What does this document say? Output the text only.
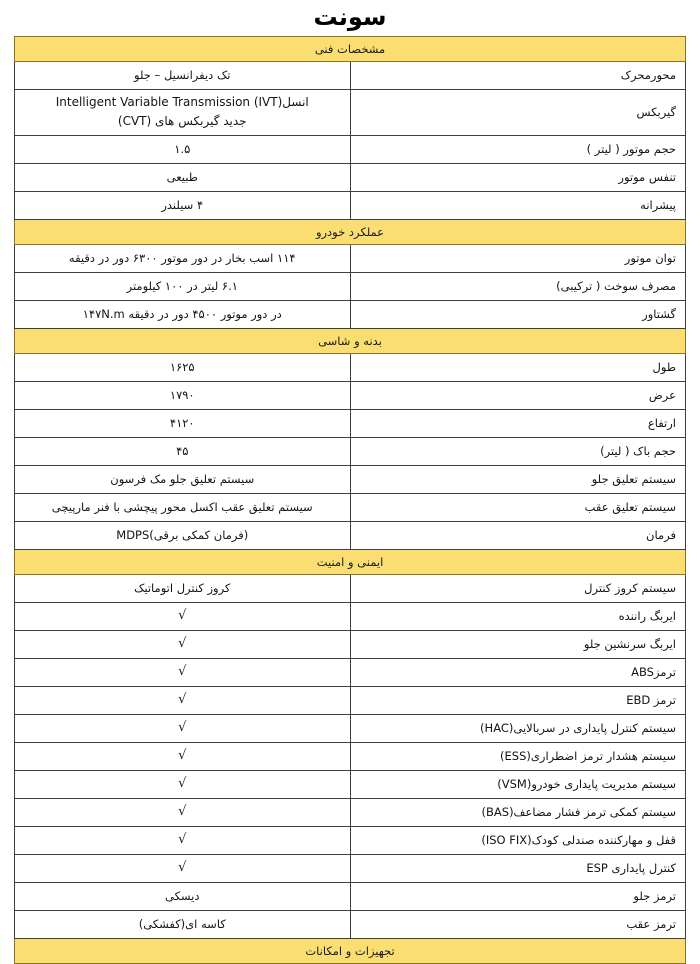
سونت
مشخصات فنی	
محورمحرک	تک دیفرانسیل – جلو

گیربکس	انسلIntelligent Variable Transmission (IVT)
جدید گیربکس های (CVT)

حجم موتور ( لیتر )	۱.۵

تنفس موتور	طبیعی

پیشرانه	۴ سیلندر

عملکرد خودرو	
توان موتور	۱۱۴ اسب بخار در دور موتور ۶۳۰۰ دور در دقیقه

مصرف سوخت ( ترکیبی)	۶.۱ لیتر در ۱۰۰ کیلومتر

گشتاور	۱۴۷N.m در دور موتور ۴۵۰۰ دور در دقیقه

بدنه و شاسی	
طول	۱۶۲۵

عرض	۱۷۹۰

ارتفاع	۴۱۲۰

حجم باک ( لیتر)	۴۵

سیستم تعلیق جلو	سیستم تعلیق جلو مک فرسون

سیستم تعلیق عقب	سیستم تعلیق عقب اکسل محور پیچشی با فنر مارپیچی

فرمان	(فرمان کمکی برقی)MDPS

ایمنی و امنیت	
سیستم کروز کنترل	کروز کنترل اتوماتیک

ایربگ راننده	√
ایربگ سرنشین جلو	√
ترمزABS	√
ترمز EBD	√
سیستم کنترل پایداری در سربالایی(HAC)	√
سیستم هشدار ترمز اضطراری(ESS)	√
سیستم مدیریت پایداری خودرو(VSM)	√
سیستم کمکی ترمز فشار مضاعف(BAS)	√
قفل و مهارکننده صندلی کودک(ISO FIX)	√
کنترل پایداری ESP	√
ترمز جلو	دیسکی

ترمز عقب	کاسه ای(کفشکی)

تجهیزات و امکانات	
